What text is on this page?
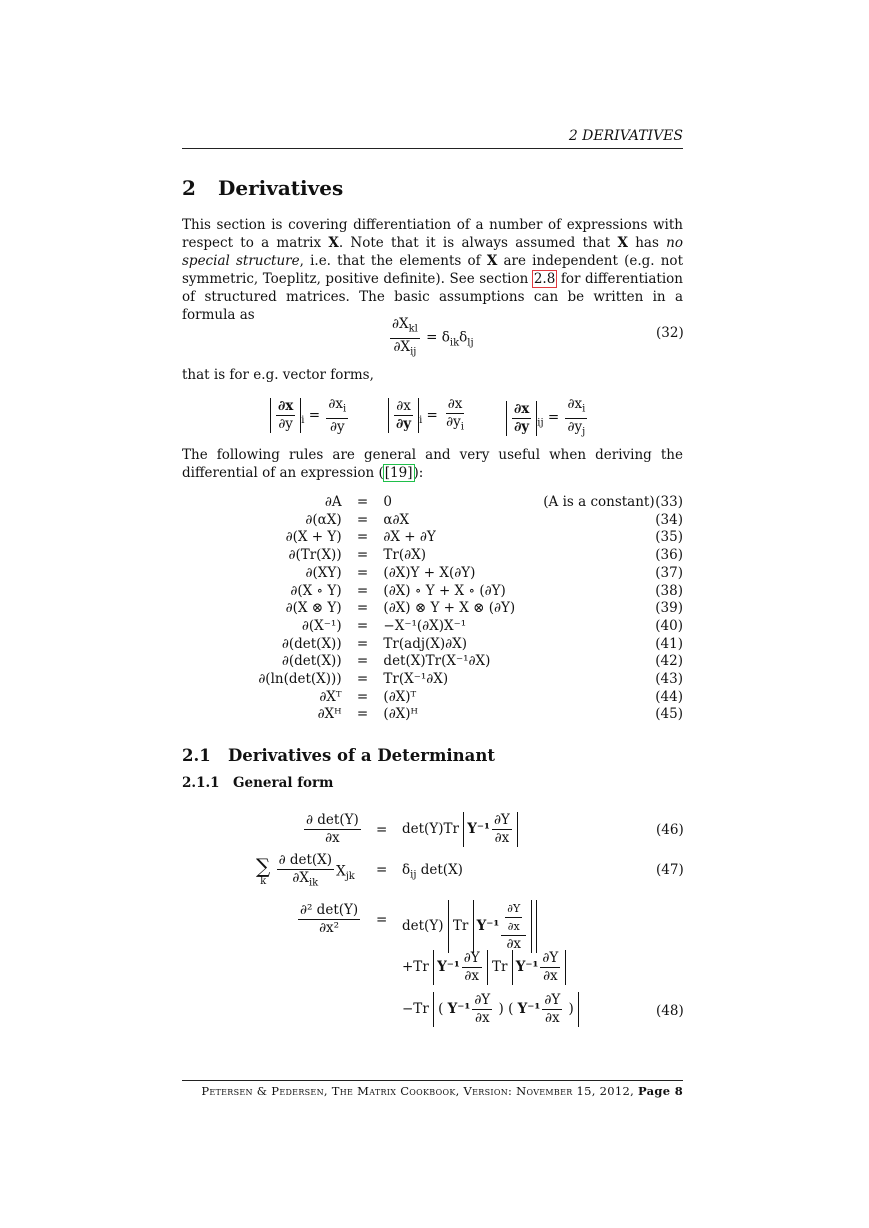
2 DERIVATIVES
2 Derivatives
This section is covering differentiation of a number of expressions with respect to a matrix X. Note that it is always assumed that X has no special structure, i.e. that the elements of X are independent (e.g. not symmetric, Toeplitz, positive definite). See section 2.8 for differentiation of structured matrices. The basic assumptions can be written in a formula as
$\frac{\partial X_{kl}}{\partial X_{ij}} = \delta_{ik}\delta_{lj}$
(32)
that is for e.g. vector forms,
$\frac{\partial x}{\partial y} _i = \frac{\partial x_i}{\partial y}$	$\frac{\partial x}{\partial y} _i = \frac{\partial x}{\partial y_i}$	$\frac{\partial x}{\partial y} _{ij} = \frac{\partial x_i}{\partial y_j}$
The following rules are general and very useful when deriving the differential of an expression ([19]):
∂A	=	0	(A is a constant)	(33)
∂(αX)	=	α∂X		(34)
∂(X + Y)	=	∂X + ∂Y		(35)
∂(Tr(X))	=	Tr(∂X)		(36)
∂(XY)	=	(∂X)Y + X(∂Y)		(37)
∂(X ∘ Y)	=	(∂X) ∘ Y + X ∘ (∂Y)		(38)
∂(X ⊗ Y)	=	(∂X) ⊗ Y + X ⊗ (∂Y)		(39)
∂(X⁻¹)	=	−X⁻¹(∂X)X⁻¹		(40)
∂(det(X))	=	Tr(adj(X)∂X)		(41)
∂(det(X))	=	det(X)Tr(X⁻¹∂X)		(42)
∂(ln(det(X)))	=	Tr(X⁻¹∂X)		(43)
∂Xᵀ	=	(∂X)ᵀ		(44)
∂Xᴴ	=	(∂X)ᴴ		(45)
2.1 Derivatives of a Determinant
2.1.1 General form
$\frac{\partial \det(Y)}{\partial x} = \det(Y)Tr$ $Y^{-1} \frac{\partial Y}{\partial x}$	(46)
∑
k
$\frac{\partial \det(X)}{\partial X_{ik}} X_{jk} = \delta_{ij}$ det(X)	(47)
$\frac{\text{∂² det(Y)}}{\text{∂x²}} = \det(Y)$ Tr $Y^{-1} \frac{\frac{\partial Y}{\partial x}}{\partial x}$
+Tr $Y^{-1} \frac{\partial Y}{\partial x}$ Tr $Y^{-1} \frac{\partial Y}{\partial x}$
−Tr ( $Y^{-1} \frac{\partial Y}{\partial x}$ ) ( $Y^{-1} \frac{\partial Y}{\partial x}$ )	(48)
Petersen & Pedersen, The Matrix Cookbook, Version: November 15, 2012, Page 8
